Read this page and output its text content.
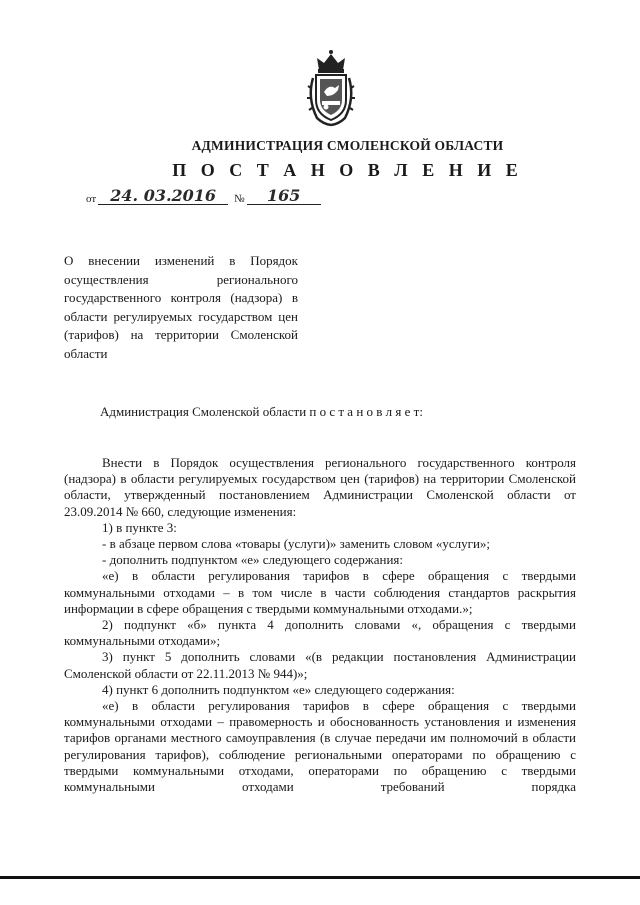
АДМИНИСТРАЦИЯ СМОЛЕНСКОЙ ОБЛАСТИ
П О С Т А Н О В Л Е Н И Е
от 24. 03.2016	№	165

О внесении изменений в Порядок осуществления регионального государственного контроля (надзора) в области регулируемых государством цен (тарифов) на территории Смоленской области

Администрация Смоленской области п о с т а н о в л я е т:

Внести в Порядок осуществления регионального государственного контроля (надзора) в области регулируемых государством цен (тарифов) на территории Смоленской области, утвержденный постановлением Администрации Смоленской области от 23.09.2014 № 660, следующие изменения:

1) в пункте 3:

- в абзаце первом слова «товары (услуги)» заменить словом «услуги»;

- дополнить подпунктом «е» следующего содержания:

«е) в области регулирования тарифов в сфере обращения с твердыми коммунальными отходами – в том числе в части соблюдения стандартов раскрытия информации в сфере обращения с твердыми коммунальными отходами.»;

2) подпункт «б» пункта 4 дополнить словами «, обращения с твердыми коммунальными отходами»;

3) пункт 5 дополнить словами «(в редакции постановления Администрации Смоленской области от 22.11.2013 № 944)»;

4) пункт 6 дополнить подпунктом «е» следующего содержания:

«е) в области регулирования тарифов в сфере обращения с твердыми коммунальными отходами – правомерность и обоснованность установления и изменения тарифов органами местного самоуправления (в случае передачи им полномочий в области регулирования тарифов), соблюдение региональными операторами по обращению с твердыми коммунальными отходами, операторами по обращению с твердыми коммунальными отходами требований порядка
